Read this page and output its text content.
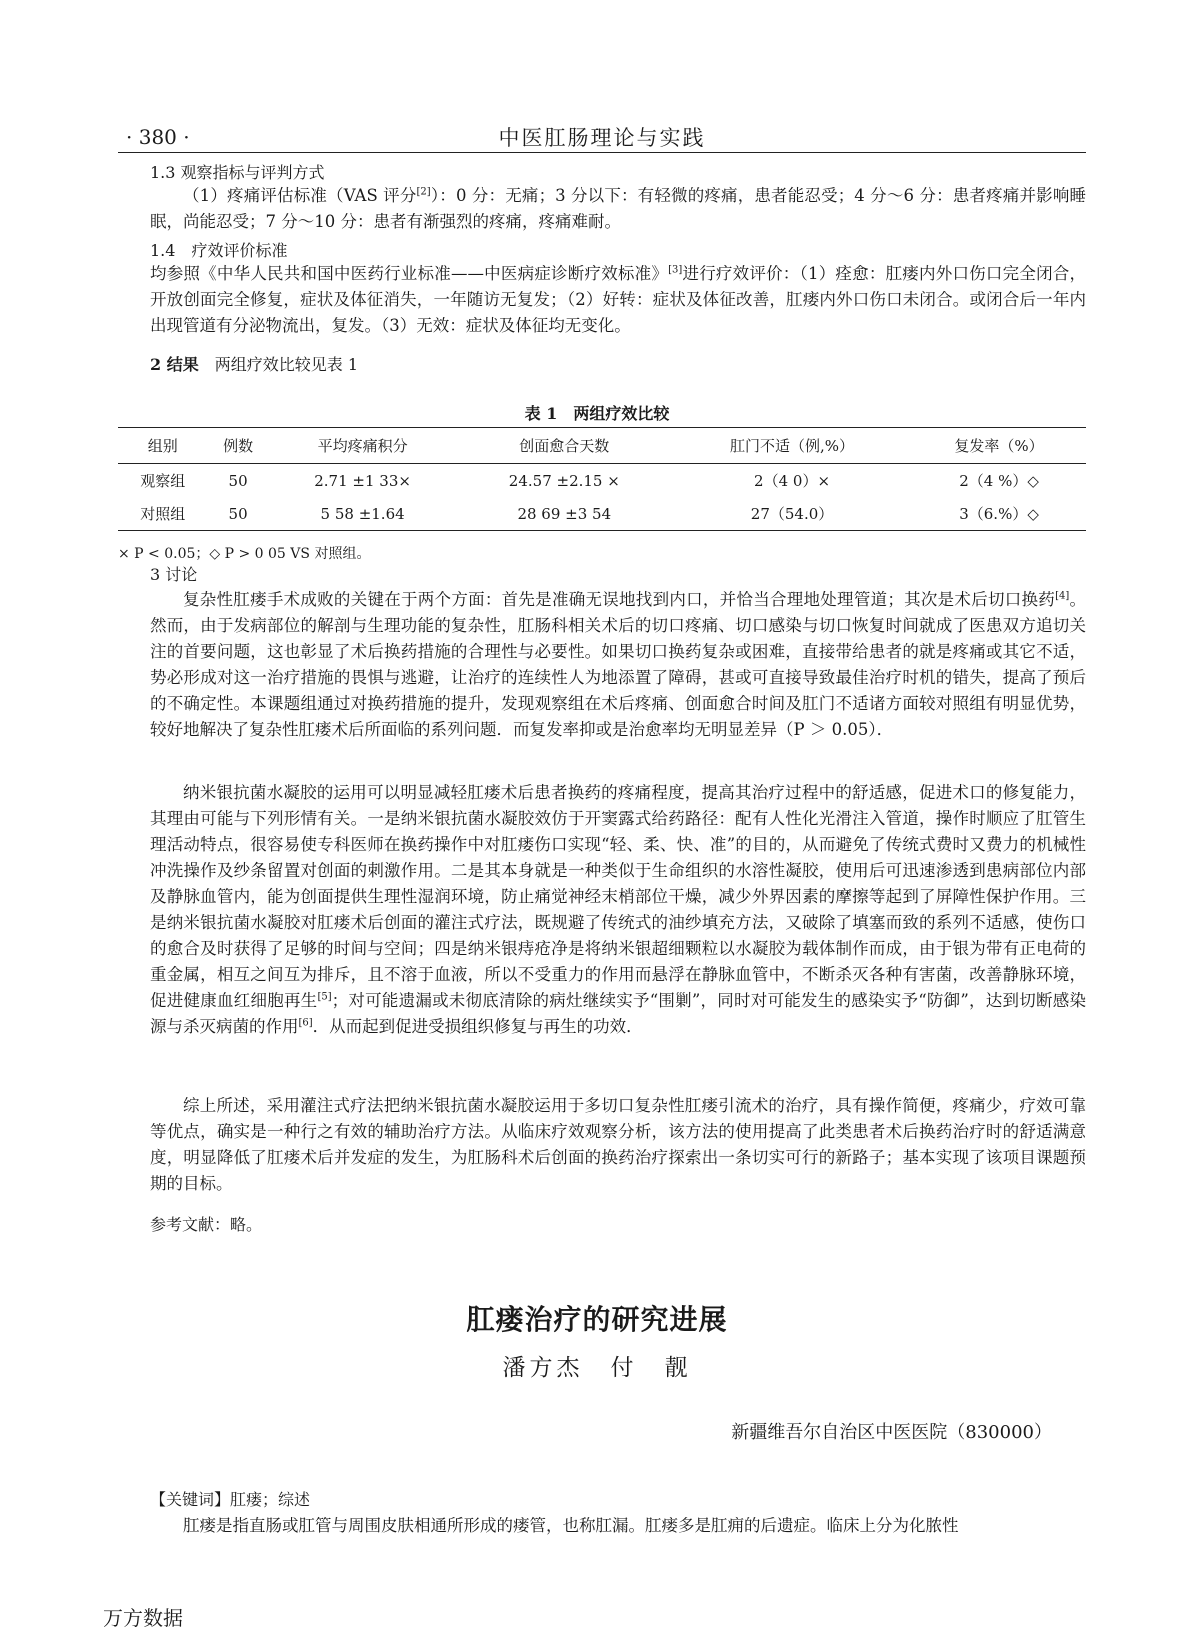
· 380 ·	中医肛肠理论与实践
1.3 观察指标与评判方式

（1）疼痛评估标准（VAS 评分[2]）：0 分：无痛；3 分以下：有轻微的疼痛，患者能忍受；4 分～6 分：患者疼痛并影响睡眠，尚能忍受；7 分～10 分：患者有渐强烈的疼痛，疼痛难耐。

1.4　疗效评价标准

均参照《中华人民共和国中医药行业标准——中医病症诊断疗效标准》[3]进行疗效评价：（1）痊愈：肛瘘内外口伤口完全闭合，开放创面完全修复，症状及体征消失，一年随访无复发；（2）好转：症状及体征改善，肛瘘内外口伤口未闭合。或闭合后一年内出现管道有分泌物流出，复发。（3）无效：症状及体征均无变化。

2 结果　 两组疗效比较见表 1
表 1　两组疗效比较
组别	例数	平均疼痛积分	创面愈合天数	肛门不适（例,%）	复发率（%）
观察组	50	2.71 ±1 33×	24.57 ±2.15 ×	2（4 0）×	2（4 %）◇
对照组	50	5 58 ±1.64	28 69 ±3 54	27（54.0）	3（6.%）◇
× P < 0.05；◇ P > 0 05 VS 对照组。
3 讨论

复杂性肛瘘手术成败的关键在于两个方面：首先是准确无误地找到内口，并恰当合理地处理管道；其次是术后切口换药[4]。然而，由于发病部位的解剖与生理功能的复杂性，肛肠科相关术后的切口疼痛、切口感染与切口恢复时间就成了医患双方追切关注的首要问题，这也彰显了术后换药措施的合理性与必要性。如果切口换药复杂或困难，直接带给患者的就是疼痛或其它不适，势必形成对这一治疗措施的畏惧与逃避，让治疗的连续性人为地添置了障碍，甚或可直接导致最佳治疗时机的错失，提高了预后的不确定性。本课题组通过对换药措施的提升，发现观察组在术后疼痛、创面愈合时间及肛门不适诸方面较对照组有明显优势，较好地解决了复杂性肛瘘术后所面临的系列问题．而复发率抑或是治愈率均无明显差异（P ＞ 0.05）．

纳米银抗菌水凝胶的运用可以明显减轻肛瘘术后患者换药的疼痛程度，提高其治疗过程中的舒适感，促进术口的修复能力，其理由可能与下列形情有关。一是纳米银抗菌水凝胶效仿于开窦露式给药路径：配有人性化光滑注入管道，操作时顺应了肛管生理活动特点，很容易使专科医师在换药操作中对肛瘘伤口实现“轻、柔、快、准”的目的，从而避免了传统式费时又费力的机械性冲洗操作及纱条留置对创面的刺激作用。二是其本身就是一种类似于生命组织的水溶性凝胶，使用后可迅速渗透到患病部位内部及静脉血管内，能为创面提供生理性湿润环境，防止痛觉神经末梢部位干燥，减少外界因素的摩擦等起到了屏障性保护作用。三是纳米银抗菌水凝胶对肛瘘术后创面的灌注式疗法，既规避了传统式的油纱填充方法，又破除了填塞而致的系列不适感，使伤口的愈合及时获得了足够的时间与空间；四是纳米银痔疮净是将纳米银超细颗粒以水凝胶为载体制作而成，由于银为带有正电荷的重金属，相互之间互为排斥，且不溶于血液，所以不受重力的作用而悬浮在静脉血管中，不断杀灭各种有害菌，改善静脉环境，促进健康血红细胞再生[5]；对可能遗漏或未彻底清除的病灶继续实予“围剿”，同时对可能发生的感染实予“防御”，达到切断感染源与杀灭病菌的作用[6]．从而起到促进受损组织修复与再生的功效．

综上所述，采用灌注式疗法把纳米银抗菌水凝胶运用于多切口复杂性肛瘘引流术的治疗，具有操作简便，疼痛少，疗效可靠等优点，确实是一种行之有效的辅助治疗方法。从临床疗效观察分析，该方法的使用提高了此类患者术后换药治疗时的舒适满意度，明显降低了肛瘘术后并发症的发生，为肛肠科术后创面的换药治疗探索出一条切实可行的新路子；基本实现了该项目课题预期的目标。

参考文献：略。
肛瘘治疗的研究进展
潘方杰　付　靓
新疆维吾尔自治区中医医院（830000）
【关键词】肛瘘；综述

肛瘘是指直肠或肛管与周围皮肤相通所形成的瘘管，也称肛漏。肛瘘多是肛痈的后遗症。临床上分为化脓性

万方数据
